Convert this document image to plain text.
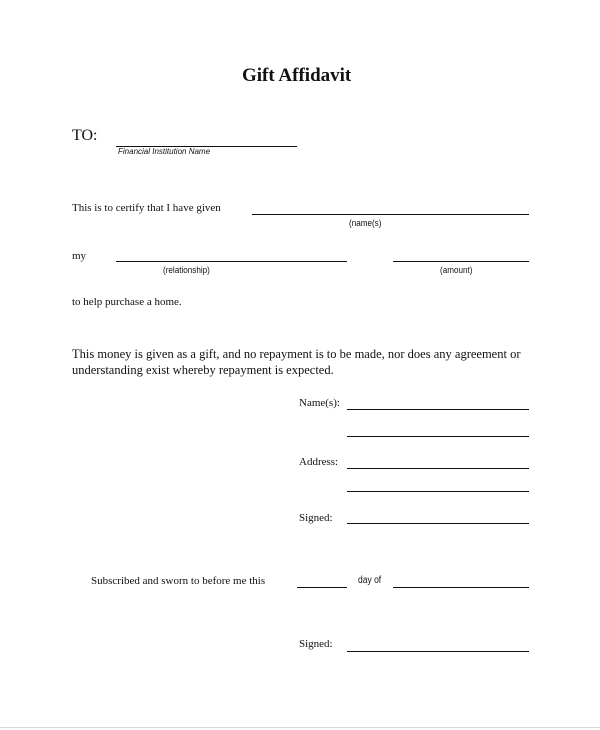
Gift Affidavit
TO:
Financial Institution Name
This is to certify that I have given
(name(s)
my
(relationship)	(amount)
to help purchase a home.
This money is given as a gift, and no repayment is to be made, nor does any agreement or
understanding exist whereby repayment is expected.
Name(s):
Address:
Signed:
Subscribed and sworn to before me this	day of
Signed:
